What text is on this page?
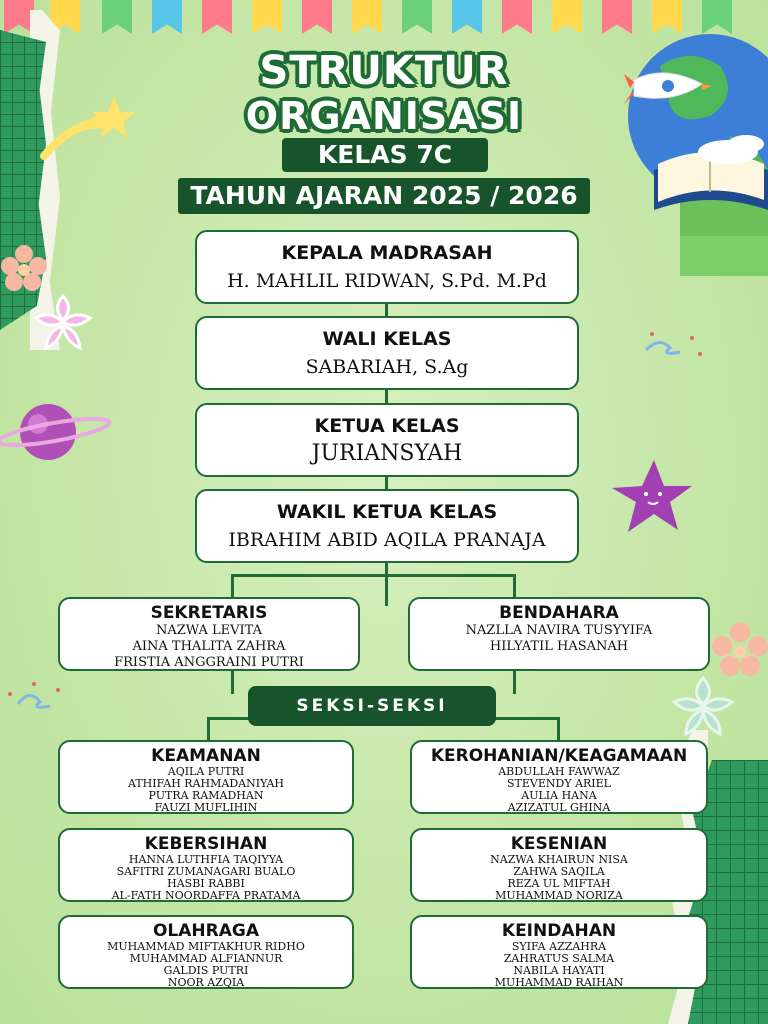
STRUKTUR
ORGANISASI
KELAS 7C
TAHUN AJARAN 2025 / 2026
KEPALA MADRASAH
H. MAHLIL RIDWAN, S.Pd. M.Pd
WALI KELAS
SABARIAH, S.Ag
KETUA KELAS
JURIANSYAH
WAKIL KETUA KELAS
IBRAHIM ABID AQILA PRANAJA
SEKRETARIS
NAZWA LEVITA
AINA THALITA ZAHRA
FRISTIA ANGGRAINI PUTRI
BENDAHARA
NAZLLA NAVIRA TUSYYIFA
HILYATIL HASANAH
SEKSI-SEKSI
KEAMANAN
AQILA PUTRI
ATHIFAH RAHMADANIYAH
PUTRA RAMADHAN
FAUZI MUFLIHIN
KEROHANIAN/KEAGAMAAN
ABDULLAH FAWWAZ
STEVENDY ARIEL
AULIA HANA
AZIZATUL GHINA
KEBERSIHAN
HANNA LUTHFIA TAQIYYA
SAFITRI ZUMANAGARI BUALO
HASBI RABBI
AL-FATH NOORDAFFA PRATAMA
KESENIAN
NAZWA KHAIRUN NISA
ZAHWA SAQILA
REZA UL MIFTAH
MUHAMMAD NORIZA
OLAHRAGA
MUHAMMAD MIFTAKHUR RIDHO
MUHAMMAD ALFIANNUR
GALDIS PUTRI
NOOR AZQIA
KEINDAHAN
SYIFA AZZAHRA
ZAHRATUS SALMA
NABILA HAYATI
MUHAMMAD RAIHAN
